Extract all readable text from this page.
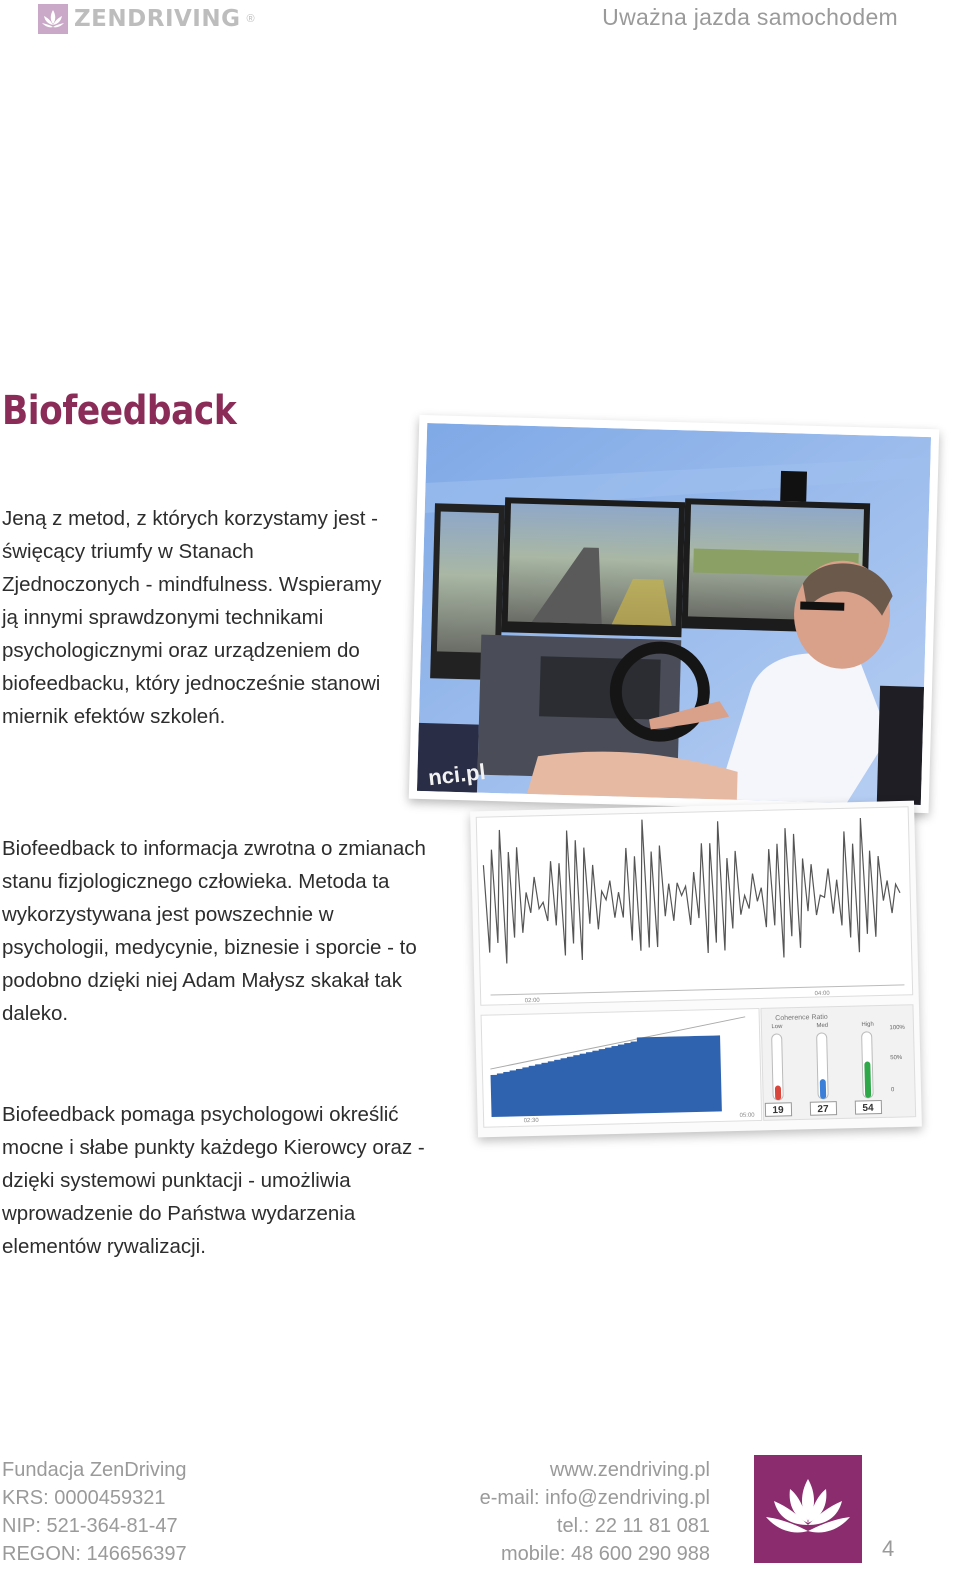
ZENDRIVING ®	Uważna jazda samochodem
Biofeedback

Jeną z metod, z których korzystamy jest - święcący triumfy w Stanach Zjednoczonych - mindfulness. Wspieramy ją innymi sprawdzonymi technikami psychologicznymi oraz urządzeniem do biofeedbacku, który jednocześnie stanowi miernik efektów szkoleń.

Biofeedback to informacja zwrotna o zmianach stanu fizjologicznego człowieka. Metoda ta wykorzystywana jest powszechnie w psychologii, medycynie, biznesie i sporcie - to podobno dzięki niej Adam Małysz skakał tak daleko.

Biofeedback pomaga psychologowi określić mocne i słabe punkty każdego Kierowcy oraz - dzięki systemowi punktacji - umożliwia wprowadzenie do Państwa wydarzenia elementów rywalizacji.

nci.pl
02:00
04:00
02:30
05:00
Coherence Ratio
Low
19
Med
27
High
54
100%
50%
0
Fundacja ZenDriving
KRS: 0000459321
NIP: 521-364-81-47
REGON: 146656397
www.zendriving.pl
e-mail: info@zendriving.pl
tel.: 22 11 81 081
mobile: 48 600 290 988	4
